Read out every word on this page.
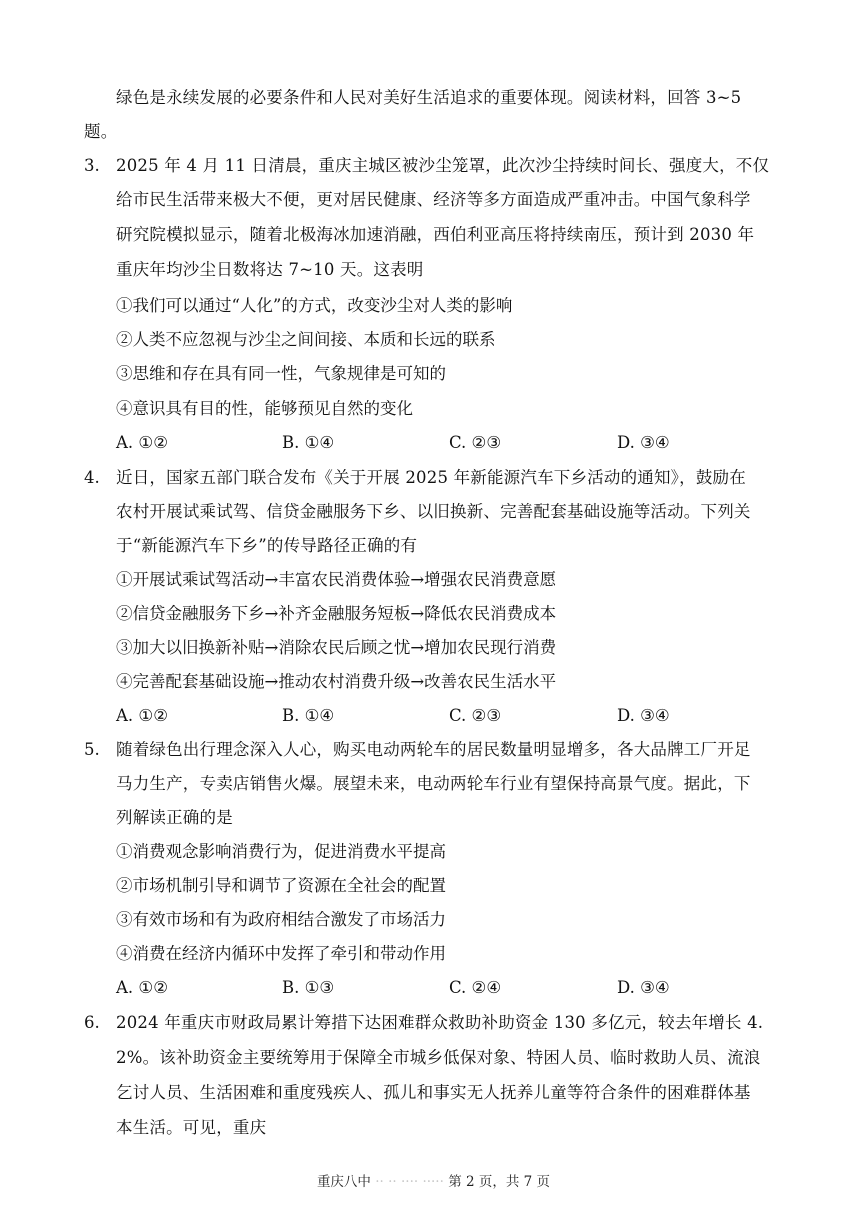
绿色是永续发展的必要条件和人民对美好生活追求的重要体现。阅读材料，回答 3~5
题。
3. 2025 年 4 月 11 日清晨，重庆主城区被沙尘笼罩，此次沙尘持续时间长、强度大，不仅
给市民生活带来极大不便，更对居民健康、经济等多方面造成严重冲击。中国气象科学
研究院模拟显示，随着北极海冰加速消融，西伯利亚高压将持续南压，预计到 2030 年
重庆年均沙尘日数将达 7~10 天。这表明
①我们可以通过“人化”的方式，改变沙尘对人类的影响
②人类不应忽视与沙尘之间间接、本质和长远的联系
③思维和存在具有同一性，气象规律是可知的
④意识具有目的性，能够预见自然的变化
A. ①②	B. ①④	C. ②③	D. ③④
4. 近日，国家五部门联合发布《关于开展 2025 年新能源汽车下乡活动的通知》，鼓励在
农村开展试乘试驾、信贷金融服务下乡、以旧换新、完善配套基础设施等活动。下列关
于“新能源汽车下乡”的传导路径正确的有
①开展试乘试驾活动→丰富农民消费体验→增强农民消费意愿
②信贷金融服务下乡→补齐金融服务短板→降低农民消费成本
③加大以旧换新补贴→消除农民后顾之忧→增加农民现行消费
④完善配套基础设施→推动农村消费升级→改善农民生活水平
A. ①②	B. ①④	C. ②③	D. ③④
5. 随着绿色出行理念深入人心，购买电动两轮车的居民数量明显增多，各大品牌工厂开足
马力生产，专卖店销售火爆。展望未来，电动两轮车行业有望保持高景气度。据此，下
列解读正确的是
①消费观念影响消费行为，促进消费水平提高
②市场机制引导和调节了资源在全社会的配置
③有效市场和有为政府相结合激发了市场活力
④消费在经济内循环中发挥了牵引和带动作用
A. ①②	B. ①③	C. ②④	D. ③④
6. 2024 年重庆市财政局累计筹措下达困难群众救助补助资金 130 多亿元，较去年增长 4.
2%。该补助资金主要统筹用于保障全市城乡低保对象、特困人员、临时救助人员、流浪
乞讨人员、生活困难和重度残疾人、孤儿和事实无人抚养儿童等符合条件的困难群体基
本生活。可见，重庆
重庆八中 ·· ·· ···· ····· 第 2 页，共 7 页
